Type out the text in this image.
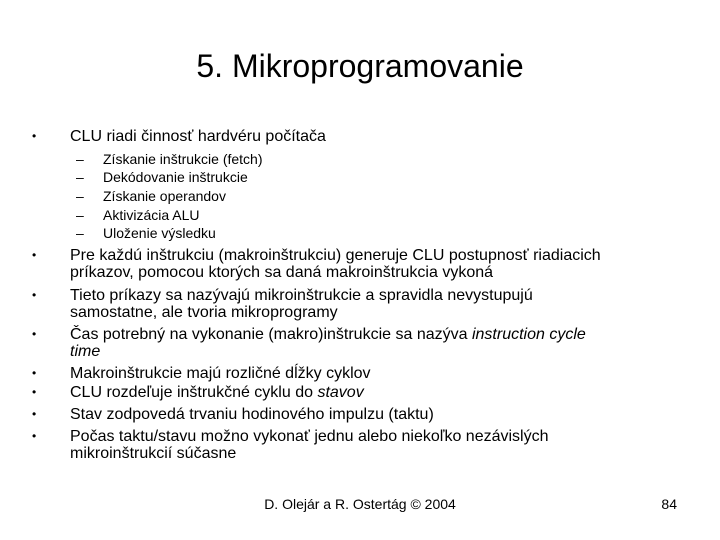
5. Mikroprogramovanie
•	CLU riadi činnosť hardvéru počítača
– Získanie inštrukcie (fetch)
– Dekódovanie inštrukcie
– Získanie operandov
– Aktivizácia ALU
– Uloženie výsledku
•	Pre každú inštrukciu (makroinštrukciu) generuje CLU postupnosť riadiacich
príkazov, pomocou ktorých sa daná makroinštrukcia vykoná
•	Tieto príkazy sa nazývajú mikroinštrukcie a spravidla nevystupujú
samostatne, ale tvoria mikroprogramy
•	Čas potrebný na vykonanie (makro)inštrukcie sa nazýva instruction cycle
time
•	Makroinštrukcie majú rozličné dĺžky cyklov
•	CLU rozdeľuje inštrukčné cyklu do stavov
•	Stav zodpovedá trvaniu hodinového impulzu (taktu)
•	Počas taktu/stavu možno vykonať jednu alebo niekoľko nezávislých
mikroinštrukcií súčasne
D. Olejár a R. Ostertág © 2004	84
